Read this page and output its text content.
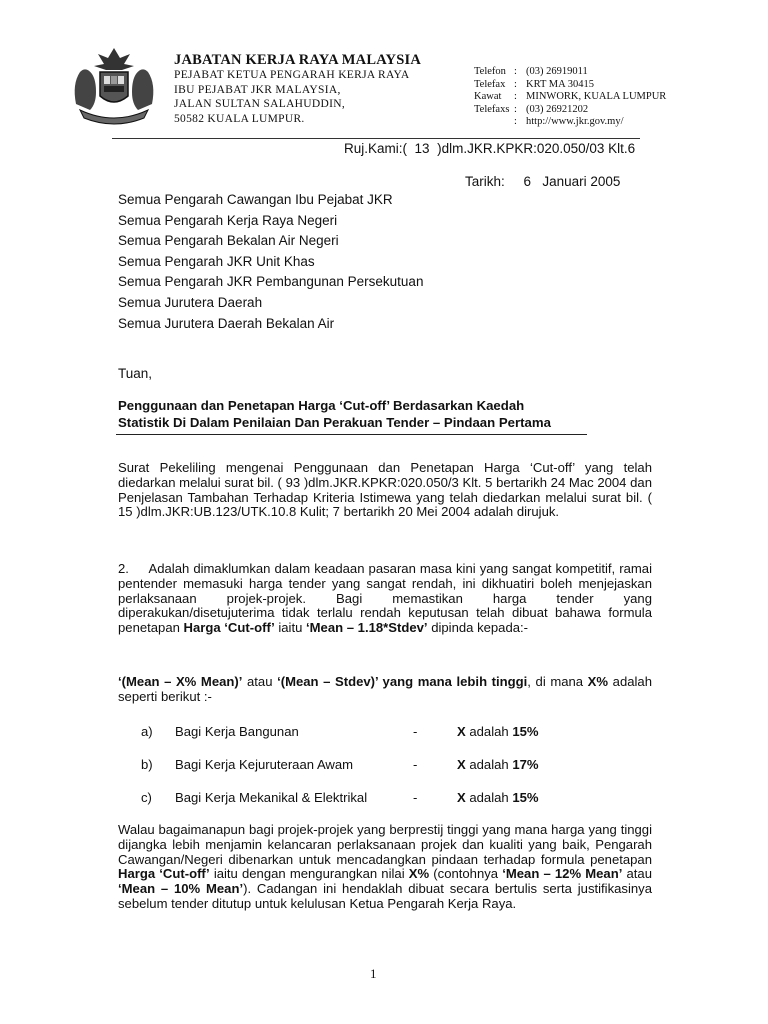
JABATAN KERJA RAYA MALAYSIA
PEJABAT KETUA PENGARAH KERJA RAYA
IBU PEJABAT JKR MALAYSIA,
JALAN SULTAN SALAHUDDIN,
50582 KUALA LUMPUR.
Telefon : (03) 26919011
Telefax : KRT MA 30415
Kawat : MINWORK, KUALA LUMPUR
Telefaxs : (03) 26921202
: http://www.jkr.gov.my/
Ruj.Kami:( 13 )dlm.JKR.KPKR:020.050/03 Klt.6
Tarikh: 6 Januari 2005
Semua Pengarah Cawangan Ibu Pejabat JKR
Semua Pengarah Kerja Raya Negeri
Semua Pengarah Bekalan Air Negeri
Semua Pengarah JKR Unit Khas
Semua Pengarah JKR Pembangunan Persekutuan
Semua Jurutera Daerah
Semua Jurutera Daerah Bekalan Air
Tuan,
Penggunaan dan Penetapan Harga ‘Cut-off’ Berdasarkan Kaedah
Statistik Di Dalam Penilaian Dan Perakuan Tender – Pindaan Pertama
Surat Pekeliling mengenai Penggunaan dan Penetapan Harga ‘Cut-off’ yang telah diedarkan melalui surat bil. ( 93 )dlm.JKR.KPKR:020.050/3 Klt. 5 bertarikh 24 Mac 2004 dan Penjelasan Tambahan Terhadap Kriteria Istimewa yang telah diedarkan melalui surat bil. ( 15 )dlm.JKR:UB.123/UTK.10.8 Kulit; 7 bertarikh 20 Mei 2004 adalah dirujuk.
2. Adalah dimaklumkan dalam keadaan pasaran masa kini yang sangat kompetitif, ramai pentender memasuki harga tender yang sangat rendah, ini dikhuatiri boleh menjejaskan perlaksanaan projek-projek. Bagi memastikan harga tender yang diperakukan/disetujuterima tidak terlalu rendah keputusan telah dibuat bahawa formula penetapan Harga ‘Cut-off’ iaitu ‘Mean – 1.18*Stdev’ dipinda kepada:-
‘(Mean – X% Mean)’ atau ‘(Mean – Stdev)’ yang mana lebih tinggi, di mana X% adalah seperti berikut :-
a) Bagi Kerja Bangunan	-	X adalah 15%
b) Bagi Kerja Kejuruteraan Awam	-	X adalah 17%
c) Bagi Kerja Mekanikal & Elektrikal	-	X adalah 15%
Walau bagaimanapun bagi projek-projek yang berprestij tinggi yang mana harga yang tinggi dijangka lebih menjamin kelancaran perlaksanaan projek dan kualiti yang baik, Pengarah Cawangan/Negeri dibenarkan untuk mencadangkan pindaan terhadap formula penetapan Harga ‘Cut-off’ iaitu dengan mengurangkan nilai X% (contohnya ‘Mean – 12% Mean’ atau ‘Mean – 10% Mean’). Cadangan ini hendaklah dibuat secara bertulis serta justifikasinya sebelum tender ditutup untuk kelulusan Ketua Pengarah Kerja Raya.
1
